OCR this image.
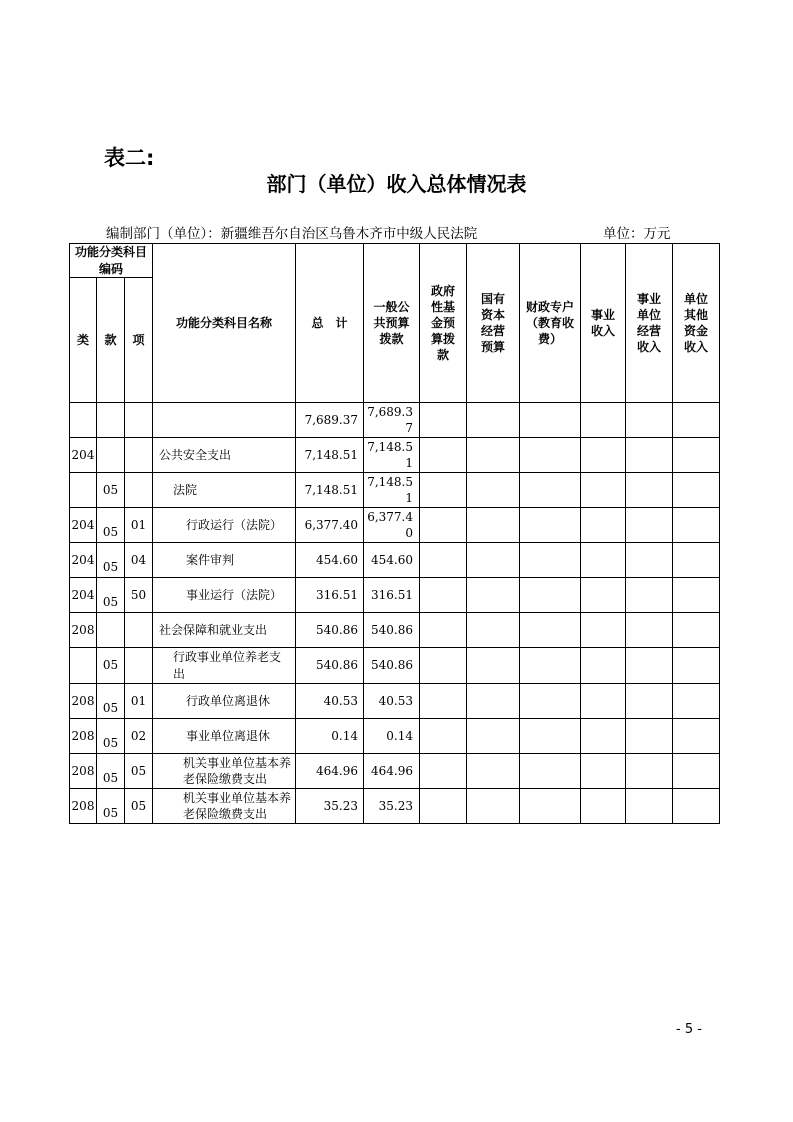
表二:
部门（单位）收入总体情况表
编制部门（单位）：新疆维吾尔自治区乌鲁木齐市中级人民法院	单位：万元
功能分类科目编码			功能分类科目名称	总　计	一般公共预算拨款	政府性基金预算拨款	国有资本经营预算	财政专户（教育收费）	事业收入	事业单位经营收入	单位其他资金收入
类	款	项									
				7,689.37	7,689.37						
204			公共安全支出	7,148.51	7,148.51						
	05		法院	7,148.51	7,148.51						
204	05	01	行政运行（法院）	6,377.40	6,377.40						
204	05	04	案件审判	454.60	454.60						
204	05	50	事业运行（法院）	316.51	316.51						
208			社会保障和就业支出	540.86	540.86						
	05		行政事业单位养老支出	540.86	540.86						
208	05	01	行政单位离退休	40.53	40.53						
208	05	02	事业单位离退休	0.14	0.14						
208	05	05	机关事业单位基本养老保险缴费支出	464.96	464.96						
208	05	05	机关事业单位基本养老保险缴费支出	35.23	35.23						
- 5 -
